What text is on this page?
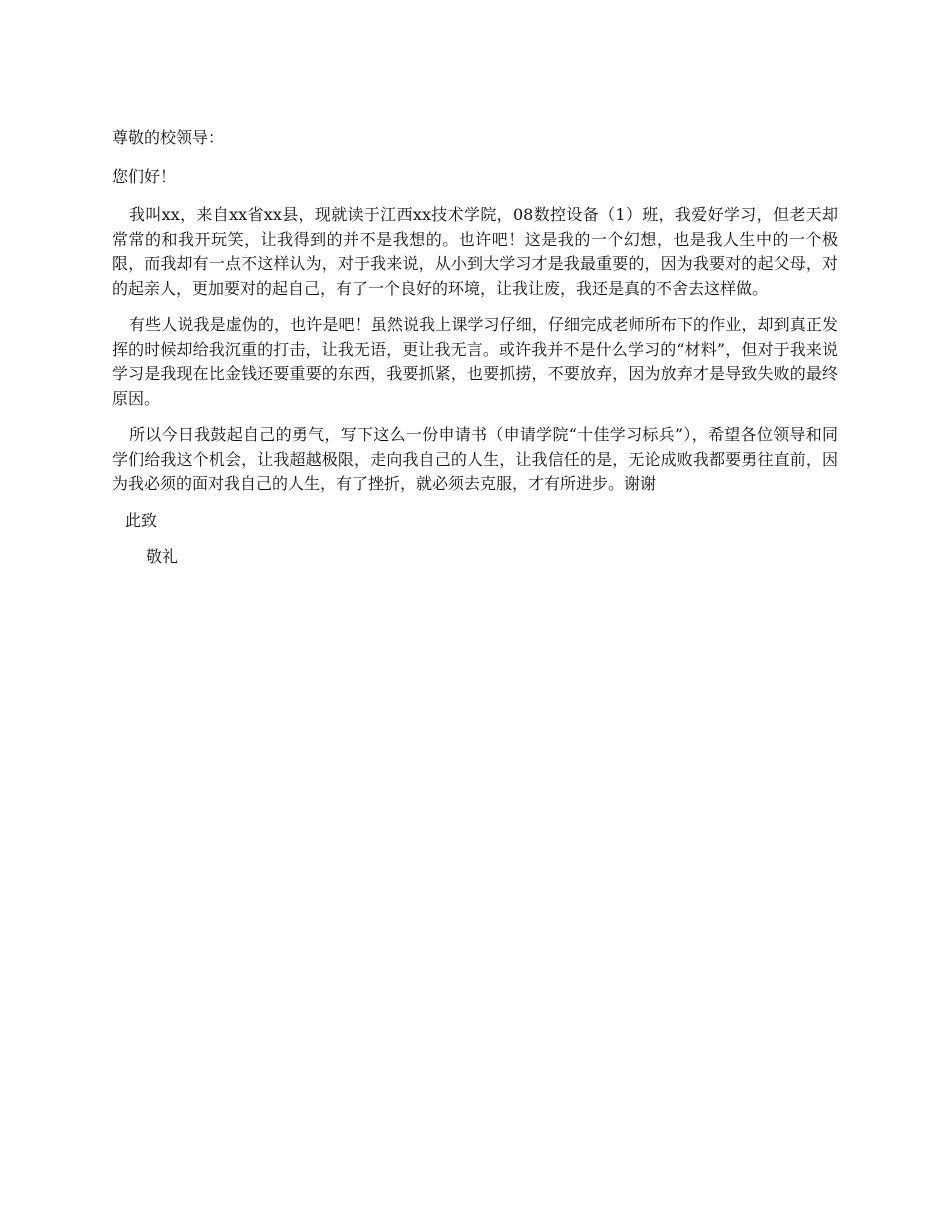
尊敬的校领导：

您们好！

我叫xx，来自xx省xx县，现就读于江西xx技术学院，08数控设备（1）班，我爱好学习，但老天却常常的和我开玩笑，让我得到的并不是我想的。也许吧！这是我的一个幻想，也是我人生中的一个极限，而我却有一点不这样认为，对于我来说，从小到大学习才是我最重要的，因为我要对的起父母，对的起亲人，更加要对的起自己，有了一个良好的环境，让我让废，我还是真的不舍去这样做。

有些人说我是虚伪的，也许是吧！虽然说我上课学习仔细，仔细完成老师所布下的作业，却到真正发挥的时候却给我沉重的打击，让我无语，更让我无言。或许我并不是什么学习的“材料”，但对于我来说学习是我现在比金钱还要重要的东西，我要抓紧，也要抓捞，不要放弃，因为放弃才是导致失败的最终原因。

所以今日我鼓起自己的勇气，写下这么一份申请书（申请学院“十佳学习标兵”），希望各位领导和同学们给我这个机会，让我超越极限，走向我自己的人生，让我信任的是，无论成败我都要勇往直前，因为我必须的面对我自己的人生，有了挫折，就必须去克服，才有所进步。谢谢

此致

敬礼
